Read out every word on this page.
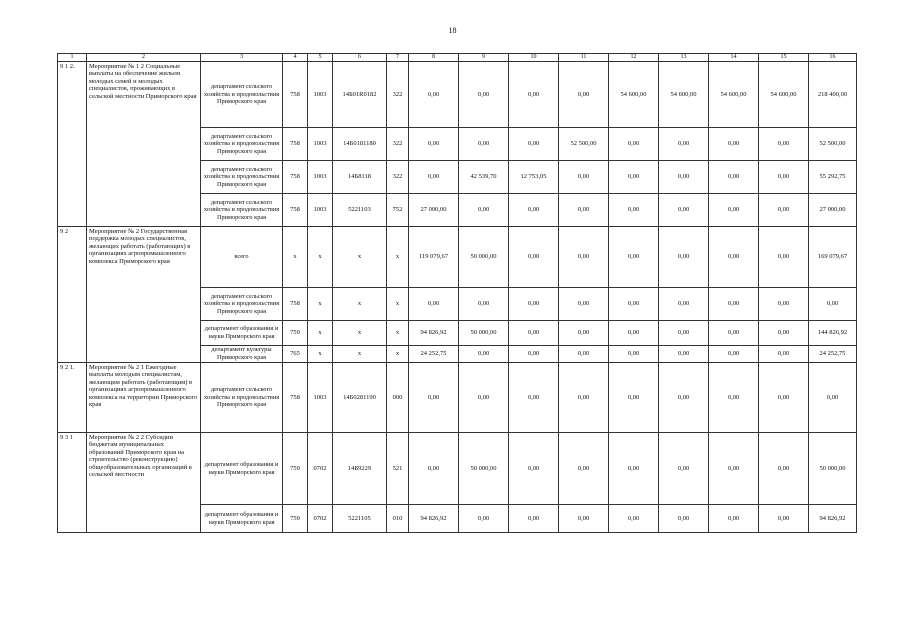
18
1	2	3	4	5	6	7	8	9	10	11	12	13	14	15	16
9 1 2.	Мероприятие № 1 2 Социальные выплаты на обеспечение жильем молодых семей и молодых специалистов, проживающих в сельской местности Приморского края	департамент сельского хозяйства и продовольствия Приморского края	758	1003	14Б01R0182	322	0,00	0,00	0,00	0,00	54 600,00	54 600,00	54 600,00	54 600,00	218 400,00
		департамент сельского хозяйства и продовольствия Приморского края	758	1003	14Б0181180	322	0,00	0,00	0,00	52 500,00	0,00	0,00	0,00	0,00	52 500,00
		департамент сельского хозяйства и продовольствия Приморского края	758	1003	14Б8118	322	0,00	42 539,70	12 753,05	0,00	0,00	0,00	0,00	0,00	55 292,75
		департамент сельского хозяйства и продовольствия Приморского края	758	1003	5221103	752	27 000,00	0,00	0,00	0,00	0,00	0,00	0,00	0,00	27 000,00
9 2	Мероприятие № 2 Государственная поддержка молодых специалистов, желающих работать (работающих) в организациях агропромышленного комплекса Приморского края	всего	x	x	x	x	119 079,67	50 000,00	0,00	0,00	0,00	0,00	0,00	0,00	169 079,67
		департамент сельского хозяйства и продовольствия Приморского края	758	x	x	x	0,00	0,00	0,00	0,00	0,00	0,00	0,00	0,00	0,00
		департамент образования и науки Приморского края	759	x	x	x	94 826,92	50 000,00	0,00	0,00	0,00	0,00	0,00	0,00	144 826,92
		департамент культуры Приморского края	765	x	x	x	24 252,75	0,00	0,00	0,00	0,00	0,00	0,00	0,00	24 252,75
9 2 1.	Мероприятие № 2 1 Ежегодные выплаты молодым специалистам, желающим работать (работающим) в организациях агропромышленного комплекса на территории Приморского края	департамент сельского хозяйства и продовольствия Приморского края	758	1003	14Б0281190	000	0,00	0,00	0,00	0,00	0,00	0,00	0,00	0,00	0,00
9 3 1	Мероприятие № 2 2 Субсидии бюджетам муниципальных образований Приморского края на строительство (реконструкцию) общеобразовательных организаций в сельской местности	департамент образования и науки Приморского края	759	0702	14Б9229	521	0,00	50 000,00	0,00	0,00	0,00	0,00	0,00	0,00	50 000,00
		департамент образования и науки Приморского края	759	0702	5221105	010	94 826,92	0,00	0,00	0,00	0,00	0,00	0,00	0,00	94 826,92
